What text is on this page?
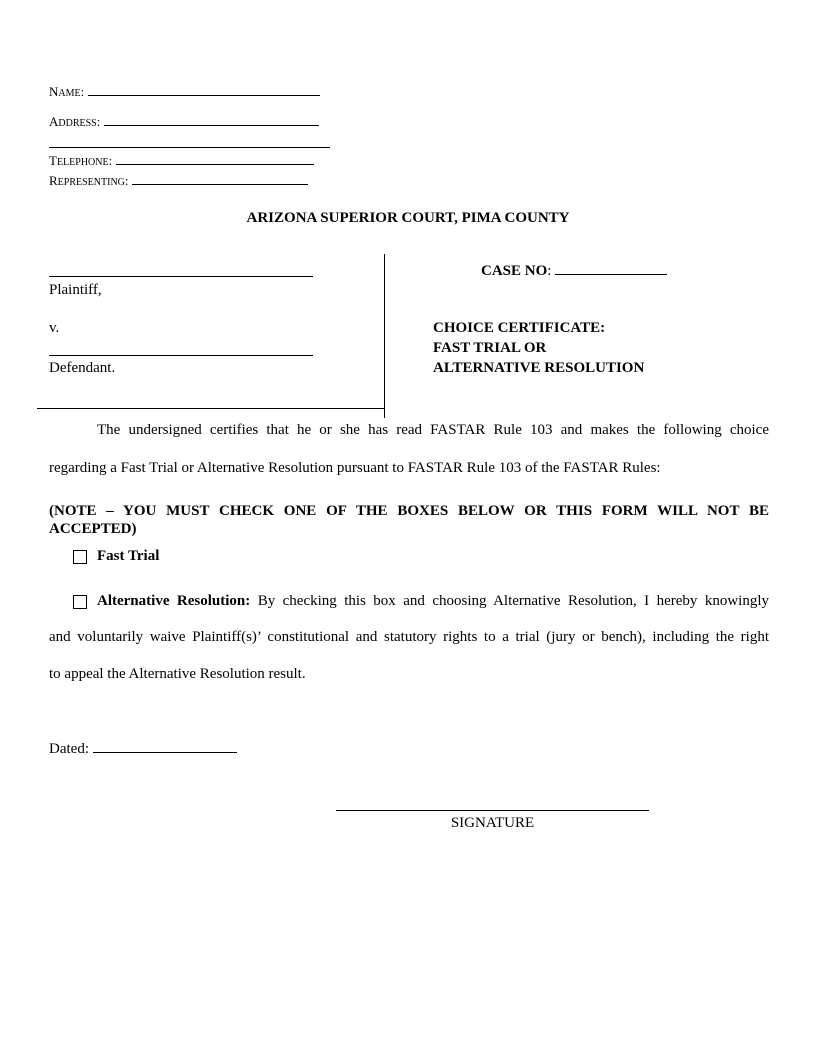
NAME:
ADDRESS:
TELEPHONE:
REPRESENTING:
ARIZONA SUPERIOR COURT, PIMA COUNTY
Plaintiff,
v.
Defendant.
CASE NO:
CHOICE CERTIFICATE:
FAST TRIAL OR
ALTERNATIVE RESOLUTION
The undersigned certifies that he or she has read FASTAR Rule 103 and makes the following choice
regarding a Fast Trial or Alternative Resolution pursuant to FASTAR Rule 103 of the FASTAR Rules:
(NOTE – YOU MUST CHECK ONE OF THE BOXES BELOW OR THIS FORM WILL NOT BE
ACCEPTED)
Fast Trial
Alternative Resolution: By checking this box and choosing Alternative Resolution, I hereby knowingly
and voluntarily waive Plaintiff(s)’ constitutional and statutory rights to a trial (jury or bench), including the right
to appeal the Alternative Resolution result.
Dated:
SIGNATURE
